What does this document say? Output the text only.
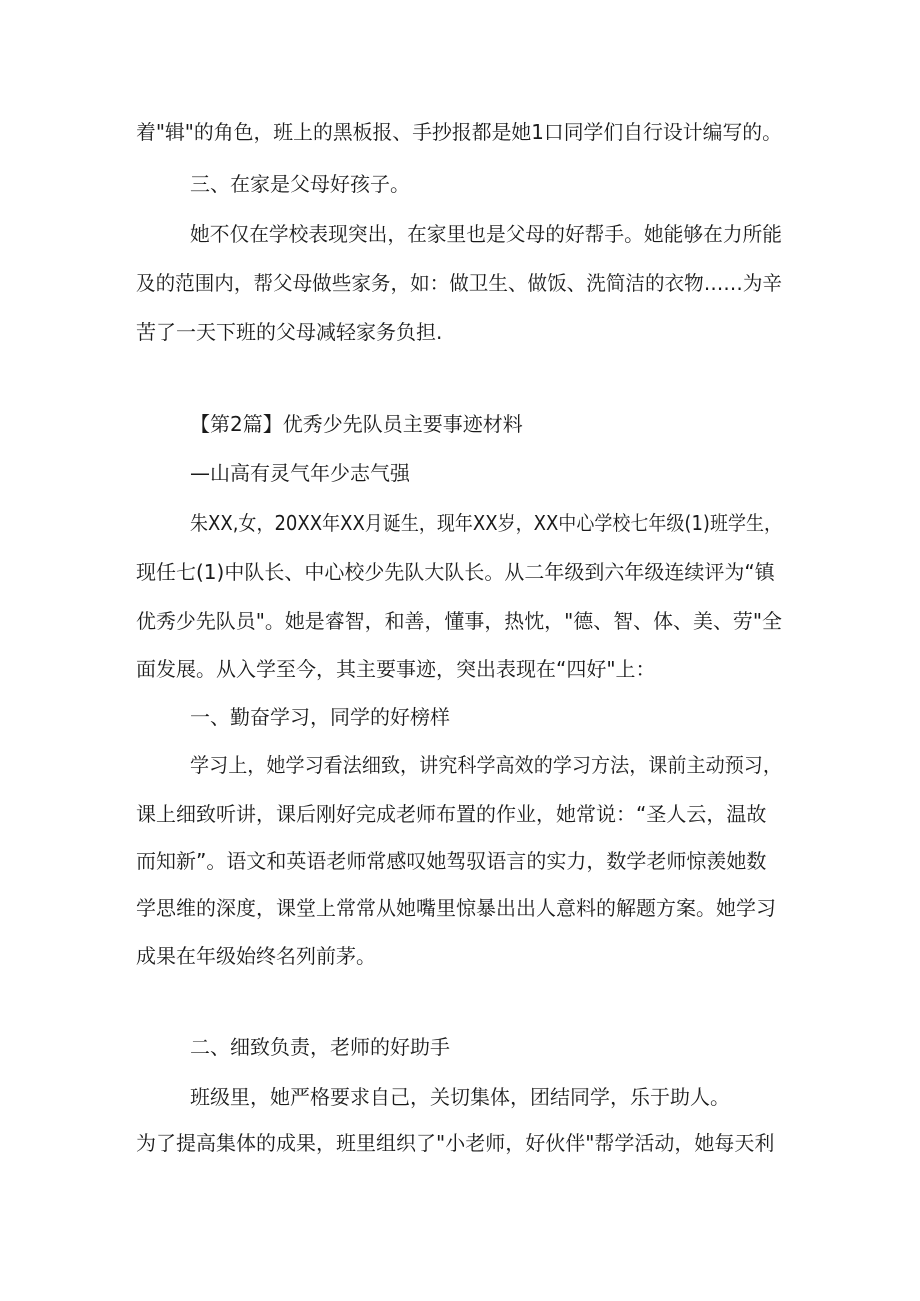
着"辑"的角色，班上的黑板报、手抄报都是她1口同学们自行设计编写的。

三、在家是父母好孩子。

她不仅在学校表现突出，在家里也是父母的好帮手。她能够在力所能

及的范围内，帮父母做些家务，如：做卫生、做饭、洗简洁的衣物……为辛

苦了一天下班的父母减轻家务负担.

【第2篇】优秀少先队员主要事迹材料

—山高有灵气年少志气强

朱XX,女，20XX年XX月诞生，现年XX岁，XX中心学校七年级(1)班学生，

现任七(1)中队长、中心校少先队大队长。从二年级到六年级连续评为“镇

优秀少先队员"。她是睿智，和善，懂事，热忱，"德、智、体、美、劳"全

面发展。从入学至今，其主要事迹，突出表现在“四好"上：

一、勤奋学习，同学的好榜样

学习上，她学习看法细致，讲究科学高效的学习方法，课前主动预习，

课上细致听讲，课后刚好完成老师布置的作业，她常说：“圣人云，温故

而知新”。语文和英语老师常感叹她驾驭语言的实力，数学老师惊羡她数

学思维的深度，课堂上常常从她嘴里惊暴出出人意料的解题方案。她学习

成果在年级始终名列前茅。

二、细致负责，老师的好助手

班级里，她严格要求自己，关切集体，团结同学，乐于助人。

为了提高集体的成果，班里组织了"小老师，好伙伴"帮学活动，她每天利
